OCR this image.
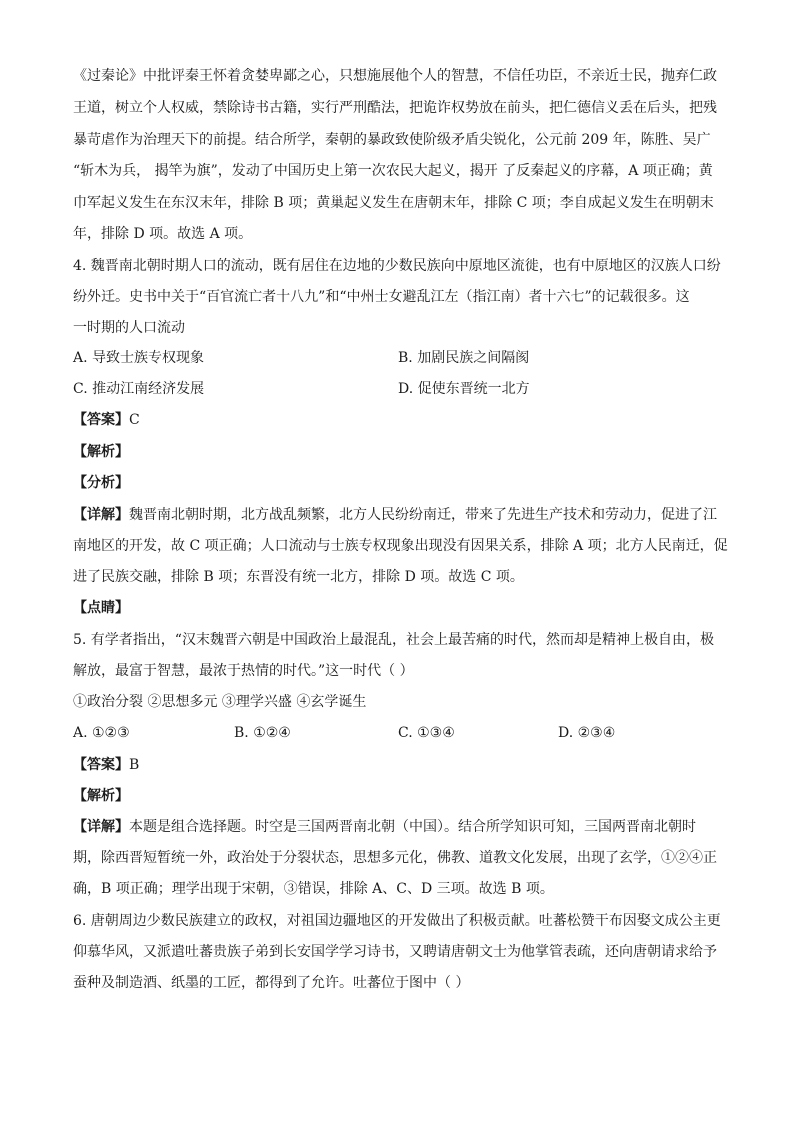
《过秦论》中批评秦王怀着贪婪卑鄙之心，只想施展他个人的智慧，不信任功臣，不亲近士民，抛弃仁政
王道，树立个人权威，禁除诗书古籍，实行严刑酷法，把诡诈权势放在前头，把仁德信义丢在后头，把残
暴苛虐作为治理天下的前提。结合所学，秦朝的暴政致使阶级矛盾尖锐化，公元前 209 年，陈胜、吴广
“斩木为兵， 揭竿为旗”，发动了中国历史上第一次农民大起义，揭开 了反秦起义的序幕，A 项正确；黄
巾军起义发生在东汉末年，排除 B 项；黄巢起义发生在唐朝末年，排除 C 项；李自成起义发生在明朝末
年，排除 D 项。故选 A 项。
4. 魏晋南北朝时期人口的流动，既有居住在边地的少数民族向中原地区流徙，也有中原地区的汉族人口纷
纷外迁。史书中关于“百官流亡者十八九”和“中州士女避乱江左（指江南）者十六七”的记载很多。这
一时期的人口流动
A. 导致士族专权现象	B. 加剧民族之间隔阂
C. 推动江南经济发展	D. 促使东晋统一北方
【答案】C
【解析】
【分析】
【详解】魏晋南北朝时期，北方战乱频繁，北方人民纷纷南迁，带来了先进生产技术和劳动力，促进了江
南地区的开发，故 C 项正确；人口流动与士族专权现象出现没有因果关系，排除 A 项；北方人民南迁，促
进了民族交融，排除 B 项；东晋没有统一北方，排除 D 项。故选 C 项。
【点睛】
5. 有学者指出，“汉末魏晋六朝是中国政治上最混乱，社会上最苦痛的时代，然而却是精神上极自由，极
解放，最富于智慧，最浓于热情的时代。”这一时代（ ）
①政治分裂 ②思想多元 ③理学兴盛 ④玄学诞生
A. ①②③	B. ①②④	C. ①③④	D. ②③④
【答案】B
【解析】
【详解】本题是组合选择题。时空是三国两晋南北朝（中国）。结合所学知识可知，三国两晋南北朝时
期，除西晋短暂统一外，政治处于分裂状态，思想多元化，佛教、道教文化发展，出现了玄学，①②④正
确，B 项正确；理学出现于宋朝，③错误，排除 A、C、D 三项。故选 B 项。
6. 唐朝周边少数民族建立的政权，对祖国边疆地区的开发做出了积极贡献。吐蕃松赞干布因娶文成公主更
仰慕华风，又派遣吐蕃贵族子弟到长安国学学习诗书，又聘请唐朝文士为他掌管表疏，还向唐朝请求给予
蚕种及制造酒、纸墨的工匠，都得到了允许。吐蕃位于图中（ ）
